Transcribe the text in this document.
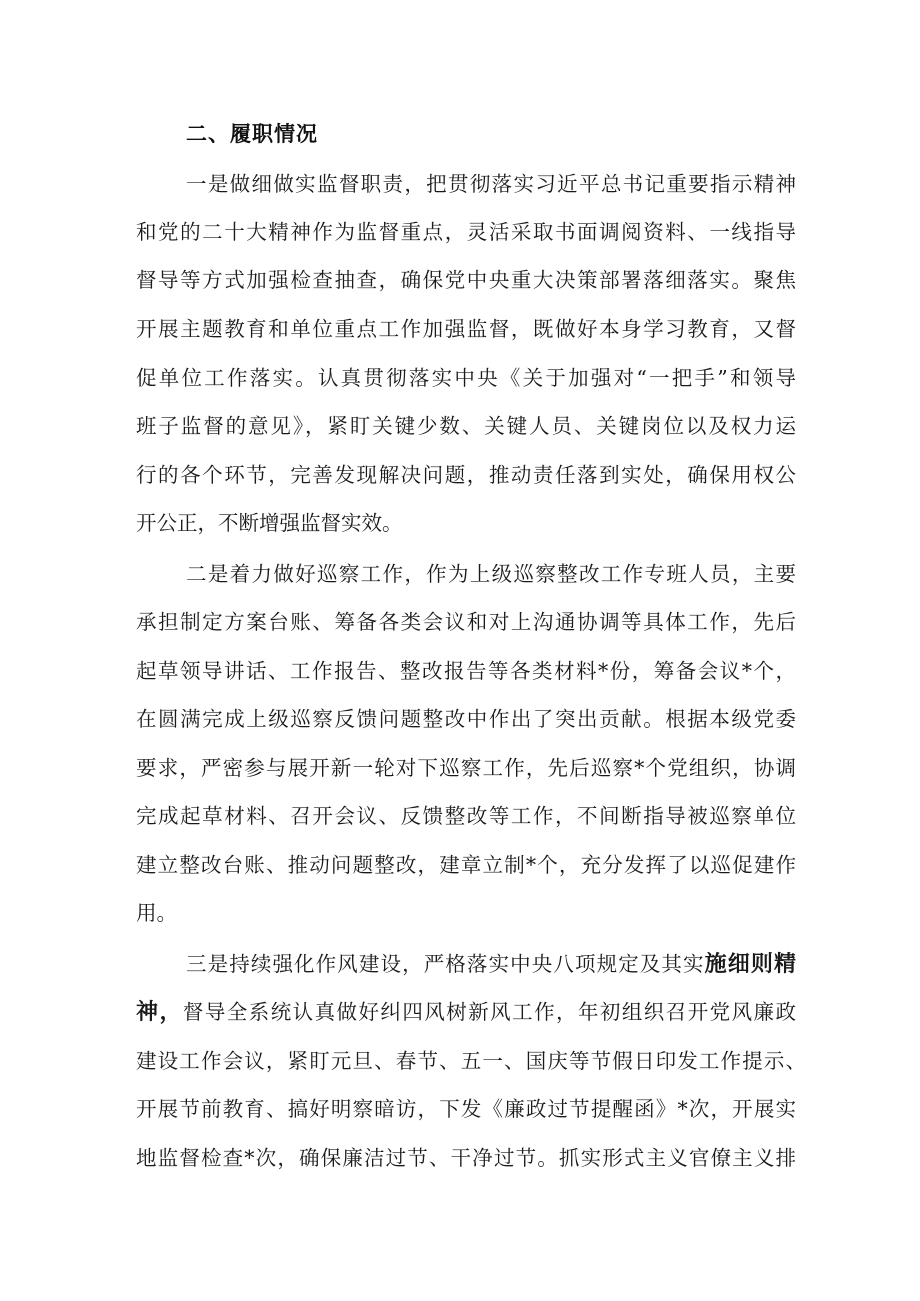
二、履职情况

一是做细做实监督职责，把贯彻落实习近平总书记重要指示精神

和党的二十大精神作为监督重点，灵活采取书面调阅资料、一线指导

督导等方式加强检查抽查，确保党中央重大决策部署落细落实。聚焦

开展主题教育和单位重点工作加强监督，既做好本身学习教育，又督

促单位工作落实。认真贯彻落实中央《关于加强对“一把手”和领导

班子监督的意见》，紧盯关键少数、关键人员、关键岗位以及权力运

行的各个环节，完善发现解决问题，推动责任落到实处，确保用权公

开公正，不断增强监督实效。

二是着力做好巡察工作，作为上级巡察整改工作专班人员，主要

承担制定方案台账、筹备各类会议和对上沟通协调等具体工作，先后

起草领导讲话、工作报告、整改报告等各类材料*份，筹备会议*个，

在圆满完成上级巡察反馈问题整改中作出了突出贡献。根据本级党委

要求，严密参与展开新一轮对下巡察工作，先后巡察*个党组织，协调

完成起草材料、召开会议、反馈整改等工作，不间断指导被巡察单位

建立整改台账、推动问题整改，建章立制*个，充分发挥了以巡促建作

用。

三是持续强化作风建设，严格落实中央八项规定及其实施细则精

神，督导全系统认真做好纠四风树新风工作，年初组织召开党风廉政

建设工作会议，紧盯元旦、春节、五一、国庆等节假日印发工作提示、

开展节前教育、搞好明察暗访，下发《廉政过节提醒函》*次，开展实

地监督检查*次，确保廉洁过节、干净过节。抓实形式主义官僚主义排
